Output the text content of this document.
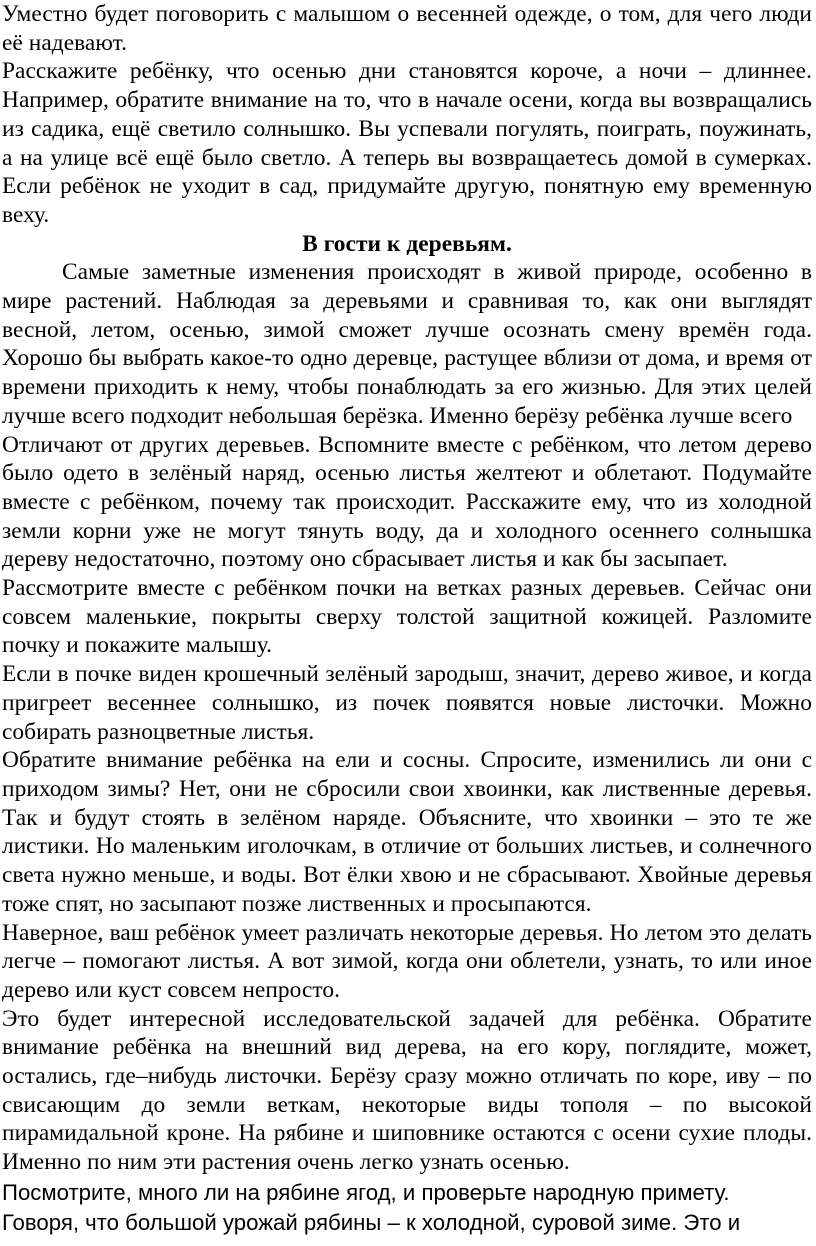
Уместно будет поговорить с малышом о весенней одежде, о том, для чего люди её надевают.

Расскажите ребёнку, что осенью дни становятся короче, а ночи – длиннее. Например, обратите внимание на то, что в начале осени, когда вы возвращались из садика, ещё светило солнышко. Вы успевали погулять, поиграть, поужинать, а на улице всё ещё было светло. А теперь вы возвращаетесь домой в сумерках. Если ребёнок не уходит в сад, придумайте другую, понятную ему временную веху.

В гости к деревьям.

Самые заметные изменения происходят в живой природе, особенно в мире растений. Наблюдая за деревьями и сравнивая то, как они выглядят весной, летом, осенью, зимой сможет лучше осознать смену времён года. Хорошо бы выбрать какое-то одно деревце, растущее вблизи от дома, и время от времени приходить к нему, чтобы понаблюдать за его жизнью. Для этих целей лучше всего подходит небольшая берёзка. Именно берёзу ребёнка лучше всего

Отличают от других деревьев. Вспомните вместе с ребёнком, что летом дерево было одето в зелёный наряд, осенью листья желтеют и облетают. Подумайте вместе с ребёнком, почему так происходит. Расскажите ему, что из холодной земли корни уже не могут тянуть воду, да и холодного осеннего солнышка дереву недостаточно, поэтому оно сбрасывает листья и как бы засыпает.

Рассмотрите вместе с ребёнком почки на ветках разных деревьев. Сейчас они совсем маленькие, покрыты сверху толстой защитной кожицей. Разломите почку и покажите малышу.

Если в почке виден крошечный зелёный зародыш, значит, дерево живое, и когда пригреет весеннее солнышко, из почек появятся новые листочки. Можно собирать разноцветные листья.

Обратите внимание ребёнка на ели и сосны. Спросите, изменились ли они с приходом зимы? Нет, они не сбросили свои хвоинки, как лиственные деревья. Так и будут стоять в зелёном наряде. Объясните, что хвоинки – это те же листики. Но маленьким иголочкам, в отличие от больших листьев, и солнечного света нужно меньше, и воды. Вот ёлки хвою и не сбрасывают. Хвойные деревья тоже спят, но засыпают позже лиственных и просыпаются.

Наверное, ваш ребёнок умеет различать некоторые деревья. Но летом это делать легче – помогают листья. А вот зимой, когда они облетели, узнать, то или иное дерево или куст совсем непросто.

Это будет интересной исследовательской задачей для ребёнка. Обратите внимание ребёнка на внешний вид дерева, на его кору, поглядите, может, остались, где–нибудь листочки. Берёзу сразу можно отличать по коре, иву – по свисающим до земли веткам, некоторые виды тополя – по высокой пирамидальной кроне. На рябине и шиповнике остаются с осени сухие плоды. Именно по ним эти растения очень легко узнать осенью.

Посмотрите, много ли на рябине ягод, и проверьте народную примету.

Говоря, что большой урожай рябины – к холодной, суровой зиме. Это и
